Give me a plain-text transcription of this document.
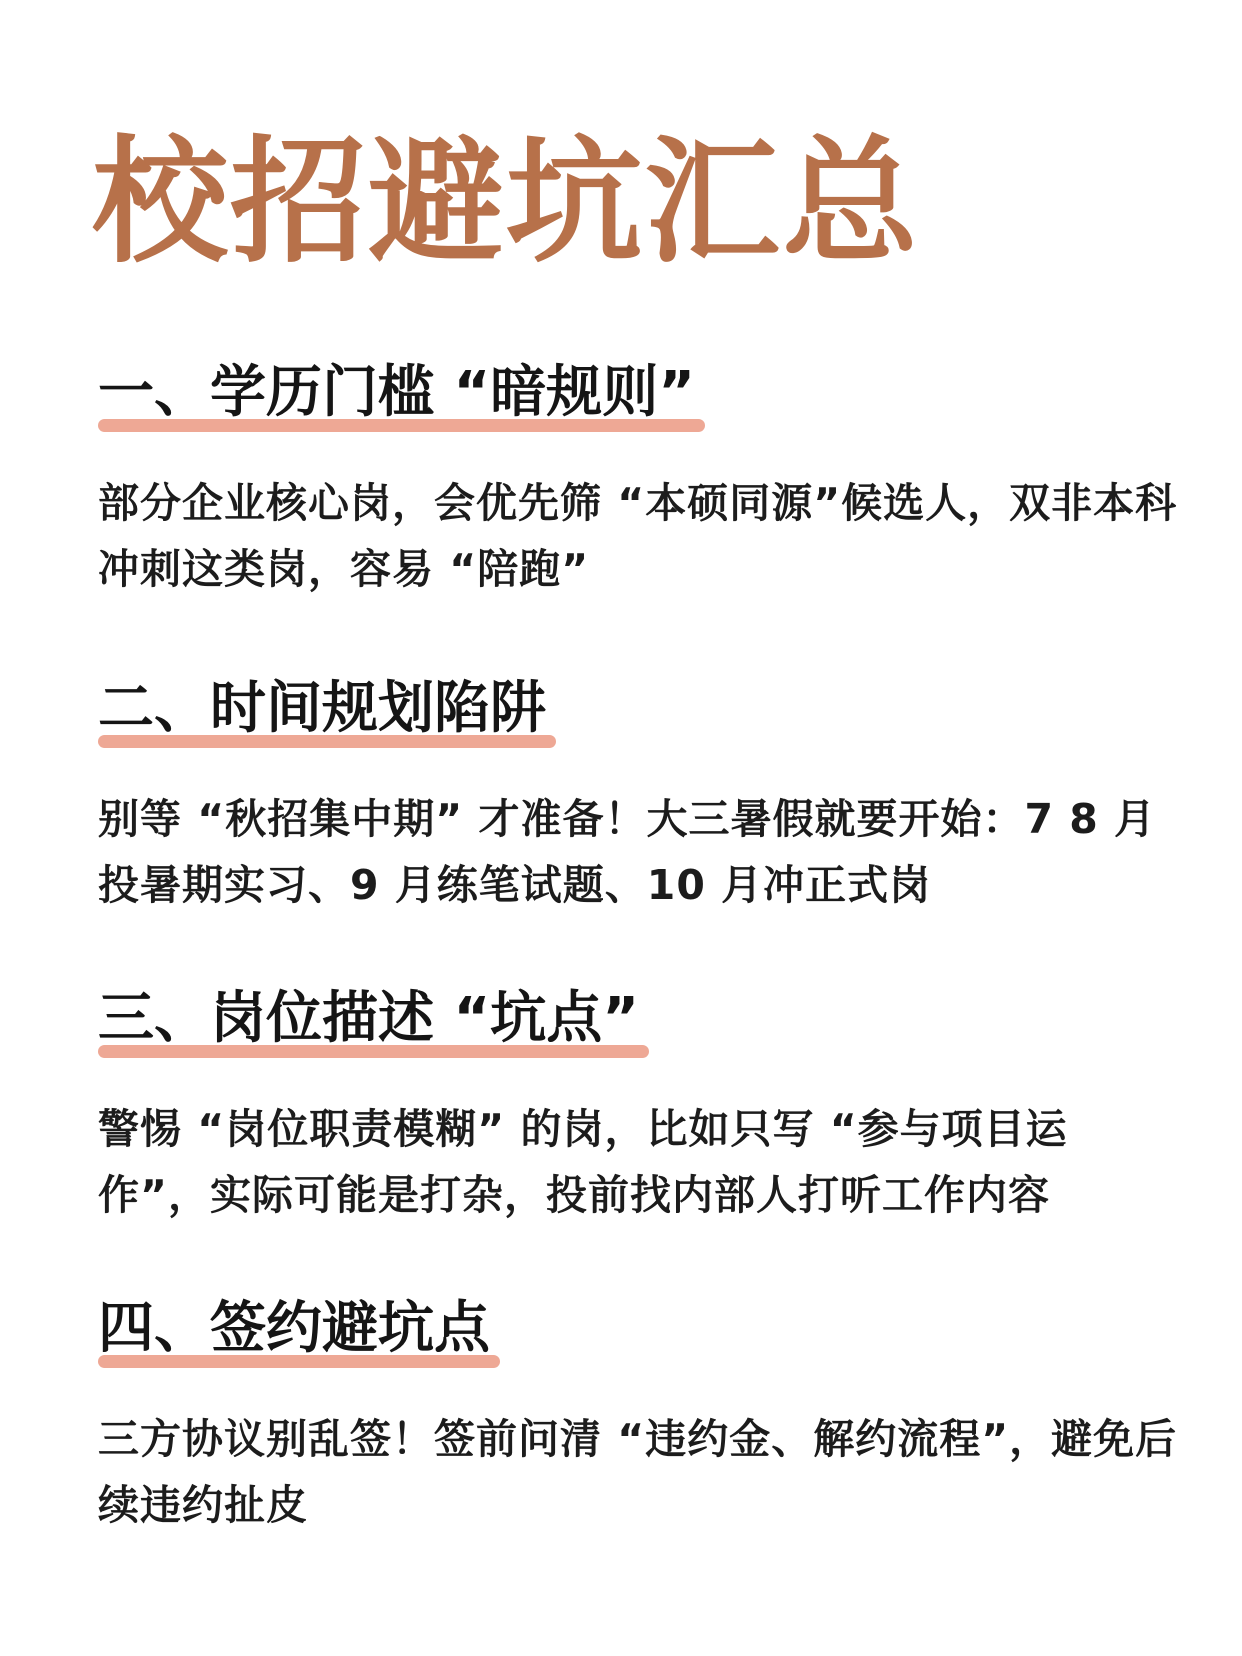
校招避坑汇总
一、学历门槛 “暗规则”

部分企业核心岗，会优先筛 “本硕同源”候选人，双非本科冲刺这类岗，容易 “陪跑”

二、时间规划陷阱

别等 “秋招集中期” 才准备！大三暑假就要开始：7 8 月投暑期实习、9 月练笔试题、10 月冲正式岗

三、岗位描述 “坑点”

警惕 “岗位职责模糊” 的岗，比如只写 “参与项目运作”，实际可能是打杂，投前找内部人打听工作内容

四、签约避坑点

三方协议别乱签！签前问清 “违约金、解约流程”，避免后续违约扯皮
